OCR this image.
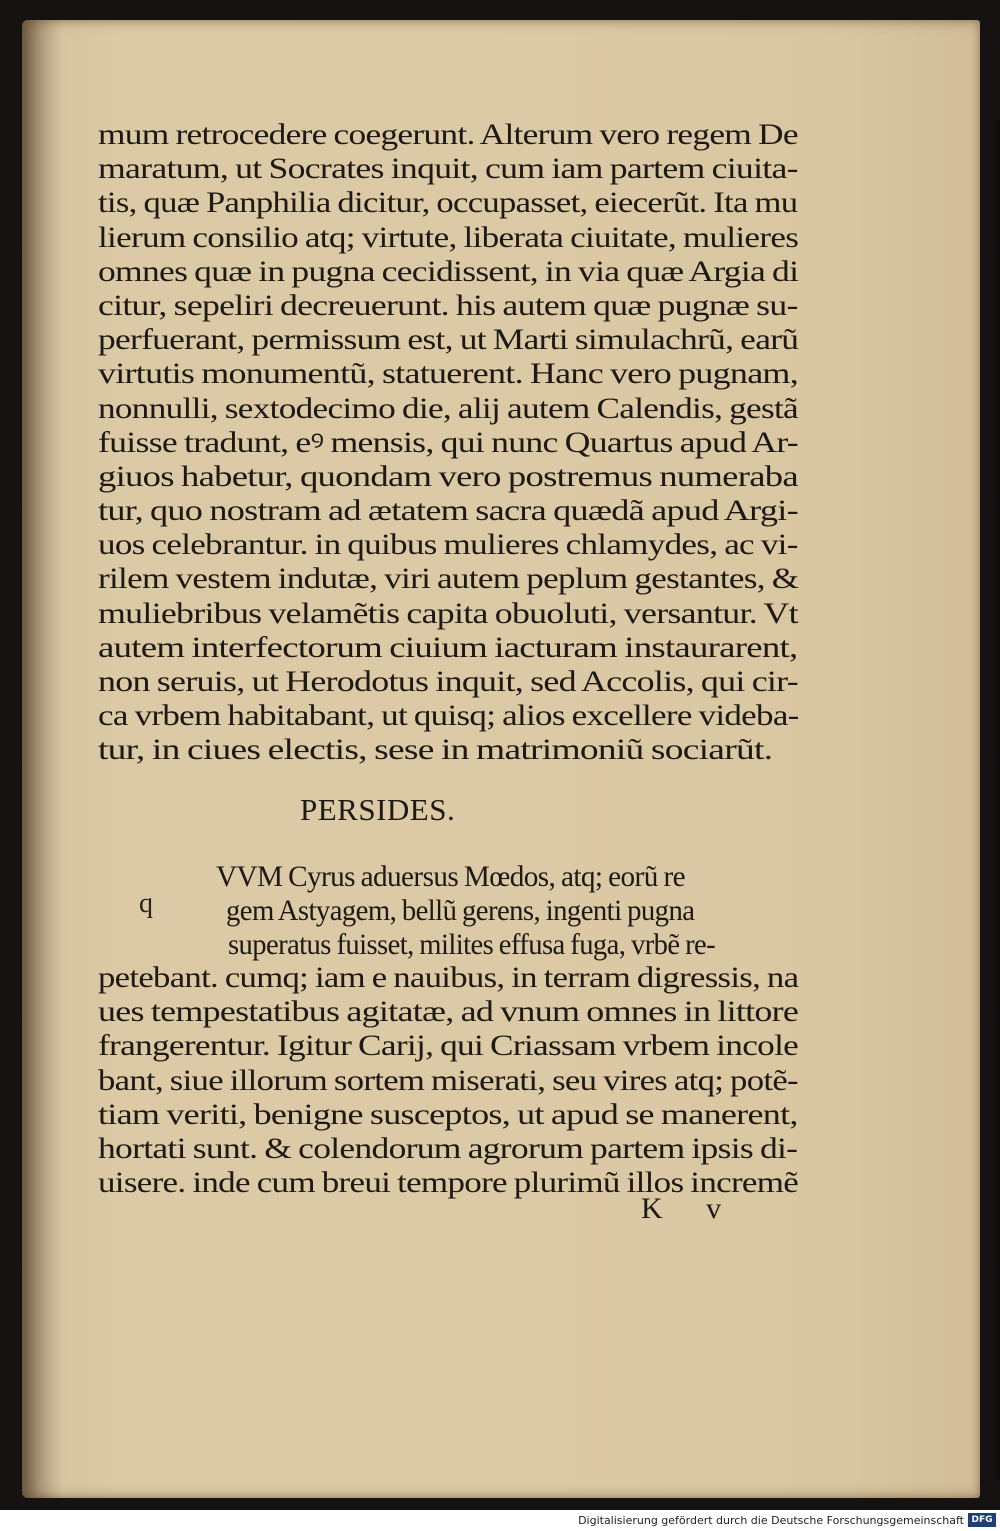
mum retrocedere coegerunt. Alterum vero regem De
maratum, ut Socrates inquit, cum iam partem ciuita-
tis, quæ Panphilia dicitur, occupasset, eiecerũt. Ita mu
lierum consilio atq; virtute, liberata ciuitate, mulieres
omnes quæ in pugna cecidissent, in via quæ Argia di
citur, sepeliri decreuerunt. his autem quæ pugnæ su-
perfuerant, permissum est, ut Marti simulachrũ, earũ
virtutis monumentũ, statuerent. Hanc vero pugnam,
nonnulli, sextodecimo die, alij autem Calendis, gestã
fuisse tradunt, eꝰ mensis, qui nunc Quartus apud Ar-
giuos habetur, quondam vero postremus numeraba
tur, quo nostram ad ætatem sacra quædã apud Argi-
uos celebrantur. in quibus mulieres chlamydes, ac vi-
rilem vestem indutæ, viri autem peplum gestantes, &
muliebribus velamẽtis capita obuoluti, versantur. Vt
autem interfectorum ciuium iacturam instaurarent,
non seruis, ut Herodotus inquit, sed Accolis, qui cir-
ca vrbem habitabant, ut quisq; alios excellere videba-
tur, in ciues electis, sese in matrimoniũ sociarũt.
PERSIDES.
q
VVM Cyrus aduersus Mœdos, atq; eorũ re
gem Astyagem, bellũ gerens, ingenti pugna
superatus fuisset, milites effusa fuga, vrbẽ re-
petebant. cumq; iam e nauibus, in terram digressis, na
ues tempestatibus agitatæ, ad vnum omnes in littore
frangerentur. Igitur Carij, qui Criassam vrbem incole
bant, siue illorum sortem miserati, seu vires atq; potẽ-
tiam veriti, benigne susceptos, ut apud se manerent,
hortati sunt. & colendorum agrorum partem ipsis di-
uisere. inde cum breui tempore plurimũ illos incremẽ
K v
Digitalisierung gefördert durch die Deutsche Forschungsgemeinschaft DFG
